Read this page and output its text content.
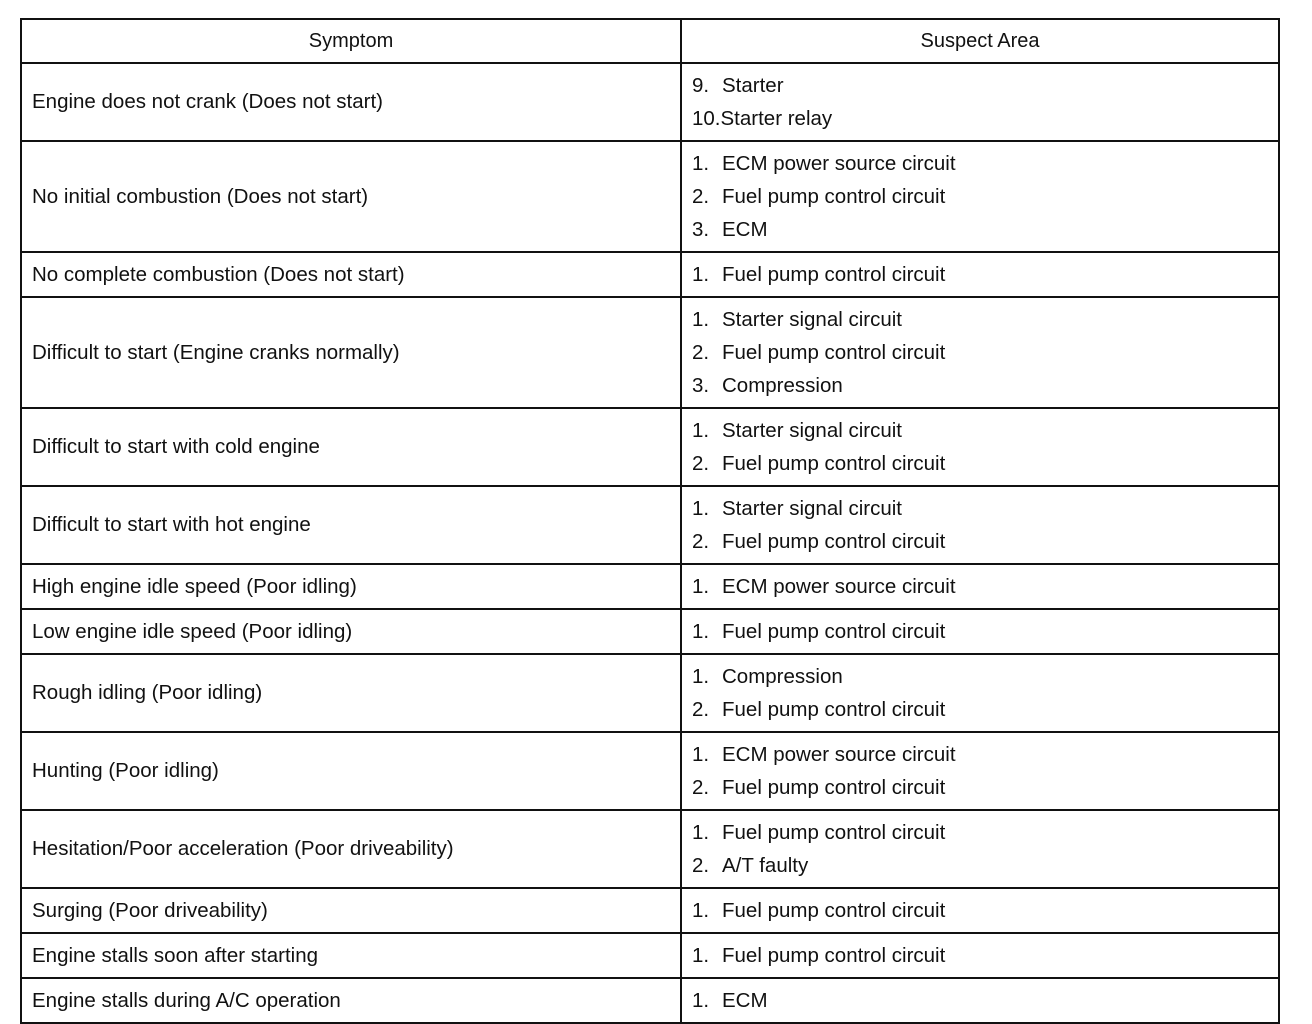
Symptom	Suspect Area
Engine does not crank (Does not start)	9. Starter
10.Starter relay

No initial combustion (Does not start)	1. ECM power source circuit
2. Fuel pump control circuit
3. ECM

No complete combustion (Does not start)	1. Fuel pump control circuit

Difficult to start (Engine cranks normally)	1. Starter signal circuit
2. Fuel pump control circuit
3. Compression

Difficult to start with cold engine	1. Starter signal circuit
2. Fuel pump control circuit

Difficult to start with hot engine	1. Starter signal circuit
2. Fuel pump control circuit

High engine idle speed (Poor idling)	1. ECM power source circuit

Low engine idle speed (Poor idling)	1. Fuel pump control circuit

Rough idling (Poor idling)	1. Compression
2. Fuel pump control circuit

Hunting (Poor idling)	1. ECM power source circuit
2. Fuel pump control circuit

Hesitation/Poor acceleration (Poor driveability)	1. Fuel pump control circuit
2. A/T faulty

Surging (Poor driveability)	1. Fuel pump control circuit

Engine stalls soon after starting	1. Fuel pump control circuit

Engine stalls during A/C operation	1. ECM
